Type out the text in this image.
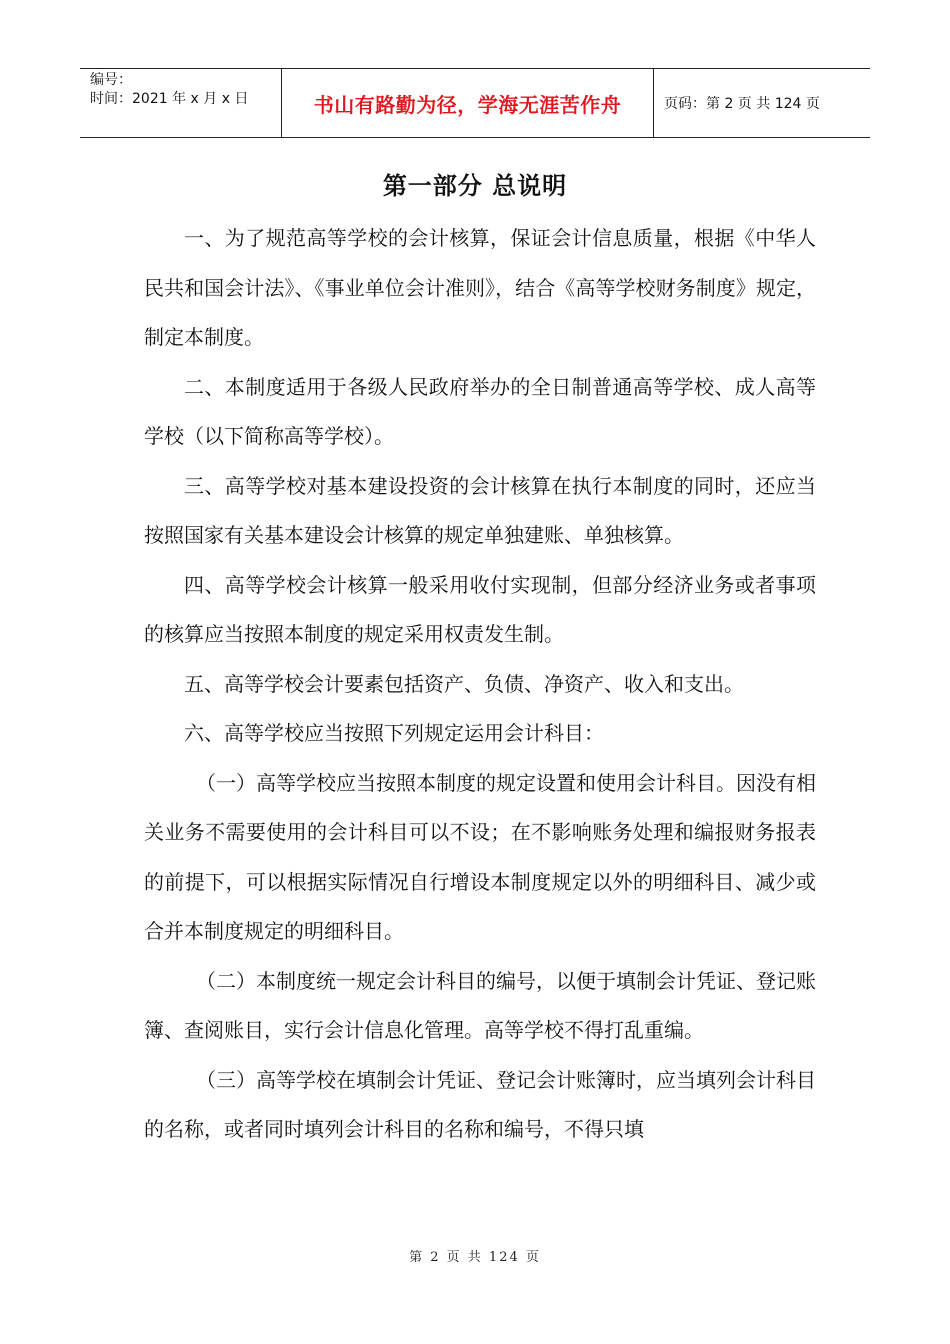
编号：
时间：2021 年 x 月 x 日	书山有路勤为径，学海无涯苦作舟	页码：第 2 页 共 124 页
第一部分 总说明

一、为了规范高等学校的会计核算，保证会计信息质量，根据《中华人民共和国会计法》、《事业单位会计准则》，结合《高等学校财务制度》规定，制定本制度。

二、本制度适用于各级人民政府举办的全日制普通高等学校、成人高等学校（以下简称高等学校）。

三、高等学校对基本建设投资的会计核算在执行本制度的同时，还应当按照国家有关基本建设会计核算的规定单独建账、单独核算。

四、高等学校会计核算一般采用收付实现制，但部分经济业务或者事项的核算应当按照本制度的规定采用权责发生制。

五、高等学校会计要素包括资产、负债、净资产、收入和支出。

六、高等学校应当按照下列规定运用会计科目：

（一）高等学校应当按照本制度的规定设置和使用会计科目。因没有相关业务不需要使用的会计科目可以不设；在不影响账务处理和编报财务报表的前提下，可以根据实际情况自行增设本制度规定以外的明细科目、减少或合并本制度规定的明细科目。

（二）本制度统一规定会计科目的编号，以便于填制会计凭证、登记账簿、查阅账目，实行会计信息化管理。高等学校不得打乱重编。

（三）高等学校在填制会计凭证、登记会计账簿时，应当填列会计科目的名称，或者同时填列会计科目的名称和编号，不得只填

第 2 页 共 124 页
